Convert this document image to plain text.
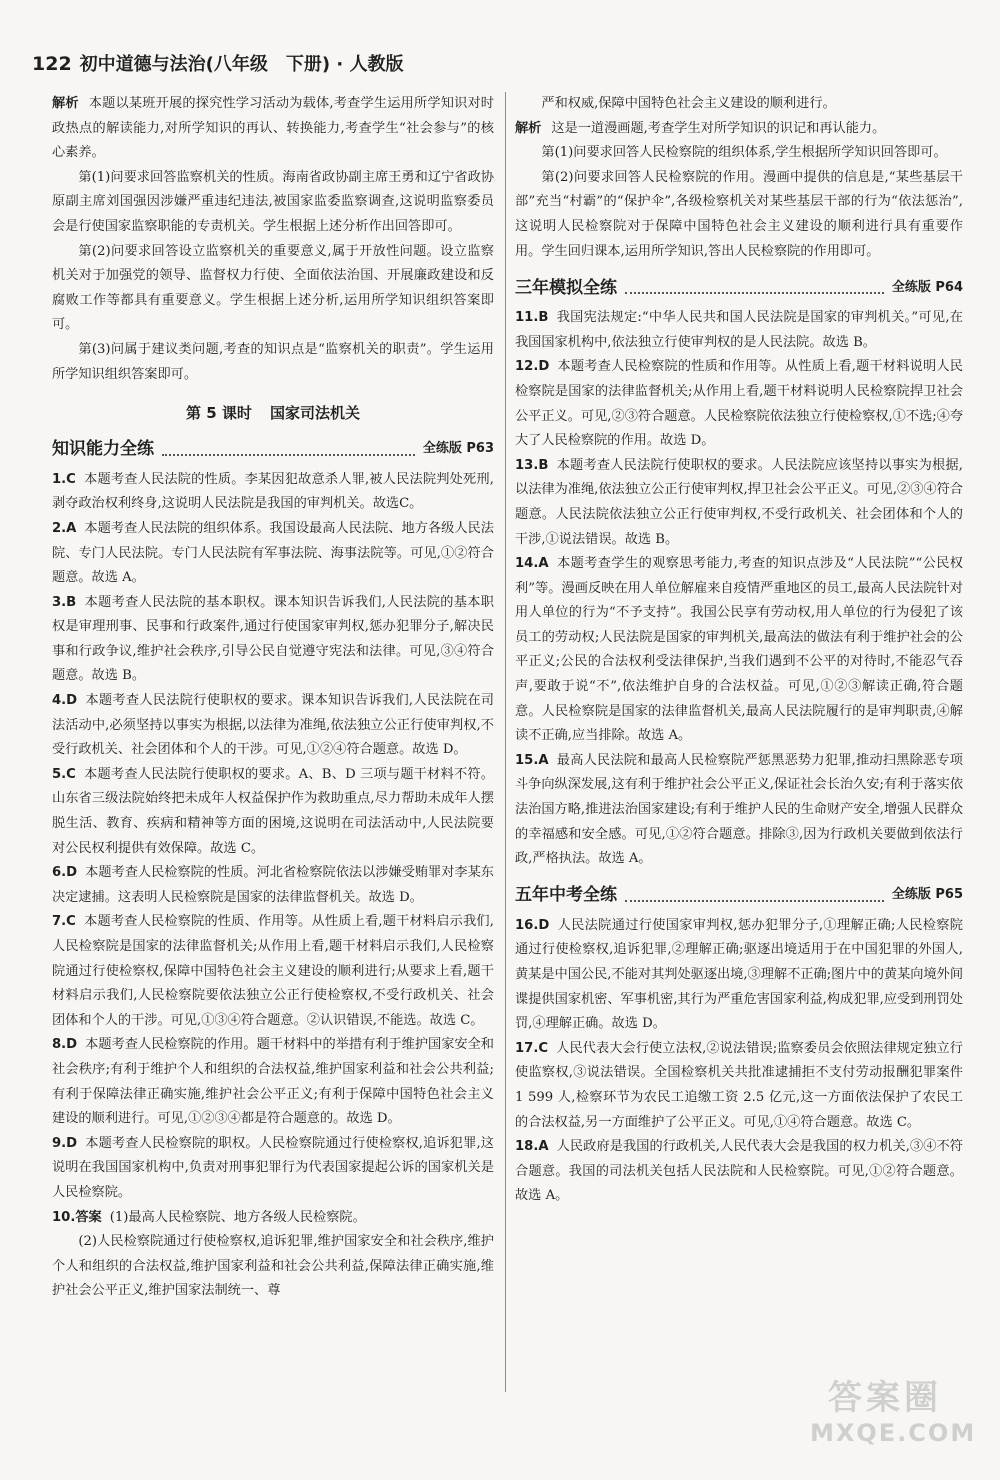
122 初中道德与法治(八年级　下册) · 人教版

解析 本题以某班开展的探究性学习活动为载体,考查学生运用所学知识对时政热点的解读能力,对所学知识的再认、转换能力,考查学生“社会参与”的核心素养。

第(1)问要求回答监察机关的性质。海南省政协副主席王勇和辽宁省政协原副主席刘国强因涉嫌严重违纪违法,被国家监委监察调查,这说明监察委员会是行使国家监察职能的专责机关。学生根据上述分析作出回答即可。

第(2)问要求回答设立监察机关的重要意义,属于开放性问题。设立监察机关对于加强党的领导、监督权力行使、全面依法治国、开展廉政建设和反腐败工作等都具有重要意义。学生根据上述分析,运用所学知识组织答案即可。

第(3)问属于建议类问题,考查的知识点是“监察机关的职责”。学生运用所学知识组织答案即可。

第 5 课时 国家司法机关
知识能力全练	全练版 P63

1.C 本题考查人民法院的性质。李某因犯故意杀人罪,被人民法院判处死刑,剥夺政治权利终身,这说明人民法院是我国的审判机关。故选C。

2.A 本题考查人民法院的组织体系。我国设最高人民法院、地方各级人民法院、专门人民法院。专门人民法院有军事法院、海事法院等。可见,①②符合题意。故选 A。

3.B 本题考查人民法院的基本职权。课本知识告诉我们,人民法院的基本职权是审理刑事、民事和行政案件,通过行使国家审判权,惩办犯罪分子,解决民事和行政争议,维护社会秩序,引导公民自觉遵守宪法和法律。可见,③④符合题意。故选 B。

4.D 本题考查人民法院行使职权的要求。课本知识告诉我们,人民法院在司法活动中,必须坚持以事实为根据,以法律为准绳,依法独立公正行使审判权,不受行政机关、社会团体和个人的干涉。可见,①②④符合题意。故选 D。

5.C 本题考查人民法院行使职权的要求。A、B、D 三项与题干材料不符。山东省三级法院始终把未成年人权益保护作为救助重点,尽力帮助未成年人摆脱生活、教育、疾病和精神等方面的困境,这说明在司法活动中,人民法院要对公民权利提供有效保障。故选 C。

6.D 本题考查人民检察院的性质。河北省检察院依法以涉嫌受贿罪对李某东决定逮捕。这表明人民检察院是国家的法律监督机关。故选 D。

7.C 本题考查人民检察院的性质、作用等。从性质上看,题干材料启示我们,人民检察院是国家的法律监督机关;从作用上看,题干材料启示我们,人民检察院通过行使检察权,保障中国特色社会主义建设的顺利进行;从要求上看,题干材料启示我们,人民检察院要依法独立公正行使检察权,不受行政机关、社会团体和个人的干涉。可见,①③④符合题意。②认识错误,不能选。故选 C。

8.D 本题考查人民检察院的作用。题干材料中的举措有利于维护国家安全和社会秩序;有利于维护个人和组织的合法权益,维护国家利益和社会公共利益;有利于保障法律正确实施,维护社会公平正义;有利于保障中国特色社会主义建设的顺利进行。可见,①②③④都是符合题意的。故选 D。

9.D 本题考查人民检察院的职权。人民检察院通过行使检察权,追诉犯罪,这说明在我国国家机构中,负责对刑事犯罪行为代表国家提起公诉的国家机关是人民检察院。

10.答案 (1)最高人民检察院、地方各级人民检察院。

(2)人民检察院通过行使检察权,追诉犯罪,维护国家安全和社会秩序,维护个人和组织的合法权益,维护国家利益和社会公共利益,保障法律正确实施,维护社会公平正义,维护国家法制统一、尊

严和权威,保障中国特色社会主义建设的顺利进行。

解析 这是一道漫画题,考查学生对所学知识的识记和再认能力。

第(1)问要求回答人民检察院的组织体系,学生根据所学知识回答即可。

第(2)问要求回答人民检察院的作用。漫画中提供的信息是,“某些基层干部”充当“村霸”的“保护伞”,各级检察机关对某些基层干部的行为“依法惩治”,这说明人民检察院对于保障中国特色社会主义建设的顺利进行具有重要作用。学生回归课本,运用所学知识,答出人民检察院的作用即可。

三年模拟全练	全练版 P64

11.B 我国宪法规定:“中华人民共和国人民法院是国家的审判机关。”可见,在我国国家机构中,依法独立行使审判权的是人民法院。故选 B。

12.D 本题考查人民检察院的性质和作用等。从性质上看,题干材料说明人民检察院是国家的法律监督机关;从作用上看,题干材料说明人民检察院捍卫社会公平正义。可见,②③符合题意。人民检察院依法独立行使检察权,①不选;④夸大了人民检察院的作用。故选 D。

13.B 本题考查人民法院行使职权的要求。人民法院应该坚持以事实为根据,以法律为准绳,依法独立公正行使审判权,捍卫社会公平正义。可见,②③④符合题意。人民法院依法独立公正行使审判权,不受行政机关、社会团体和个人的干涉,①说法错误。故选 B。

14.A 本题考查学生的观察思考能力,考查的知识点涉及“人民法院”“公民权利”等。漫画反映在用人单位解雇来自疫情严重地区的员工,最高人民法院针对用人单位的行为“不予支持”。我国公民享有劳动权,用人单位的行为侵犯了该员工的劳动权;人民法院是国家的审判机关,最高法的做法有利于维护社会的公平正义;公民的合法权利受法律保护,当我们遇到不公平的对待时,不能忍气吞声,要敢于说“不”,依法维护自身的合法权益。可见,①②③解读正确,符合题意。人民检察院是国家的法律监督机关,最高人民法院履行的是审判职责,④解读不正确,应当排除。故选 A。

15.A 最高人民法院和最高人民检察院严惩黑恶势力犯罪,推动扫黑除恶专项斗争向纵深发展,这有利于维护社会公平正义,保证社会长治久安;有利于落实依法治国方略,推进法治国家建设;有利于维护人民的生命财产安全,增强人民群众的幸福感和安全感。可见,①②符合题意。排除③,因为行政机关要做到依法行政,严格执法。故选 A。

五年中考全练	全练版 P65

16.D 人民法院通过行使国家审判权,惩办犯罪分子,①理解正确;人民检察院通过行使检察权,追诉犯罪,②理解正确;驱逐出境适用于在中国犯罪的外国人,黄某是中国公民,不能对其判处驱逐出境,③理解不正确;图片中的黄某向境外间谍提供国家机密、军事机密,其行为严重危害国家利益,构成犯罪,应受到刑罚处罚,④理解正确。故选 D。

17.C 人民代表大会行使立法权,②说法错误;监察委员会依照法律规定独立行使监察权,③说法错误。全国检察机关共批准逮捕拒不支付劳动报酬犯罪案件 1 599 人,检察环节为农民工追缴工资 2.5 亿元,这一方面依法保护了农民工的合法权益,另一方面维护了公平正义。可见,①④符合题意。故选 C。

18.A 人民政府是我国的行政机关,人民代表大会是我国的权力机关,③④不符合题意。我国的司法机关包括人民法院和人民检察院。可见,①②符合题意。故选 A。

答案圈
MXQE.COM
